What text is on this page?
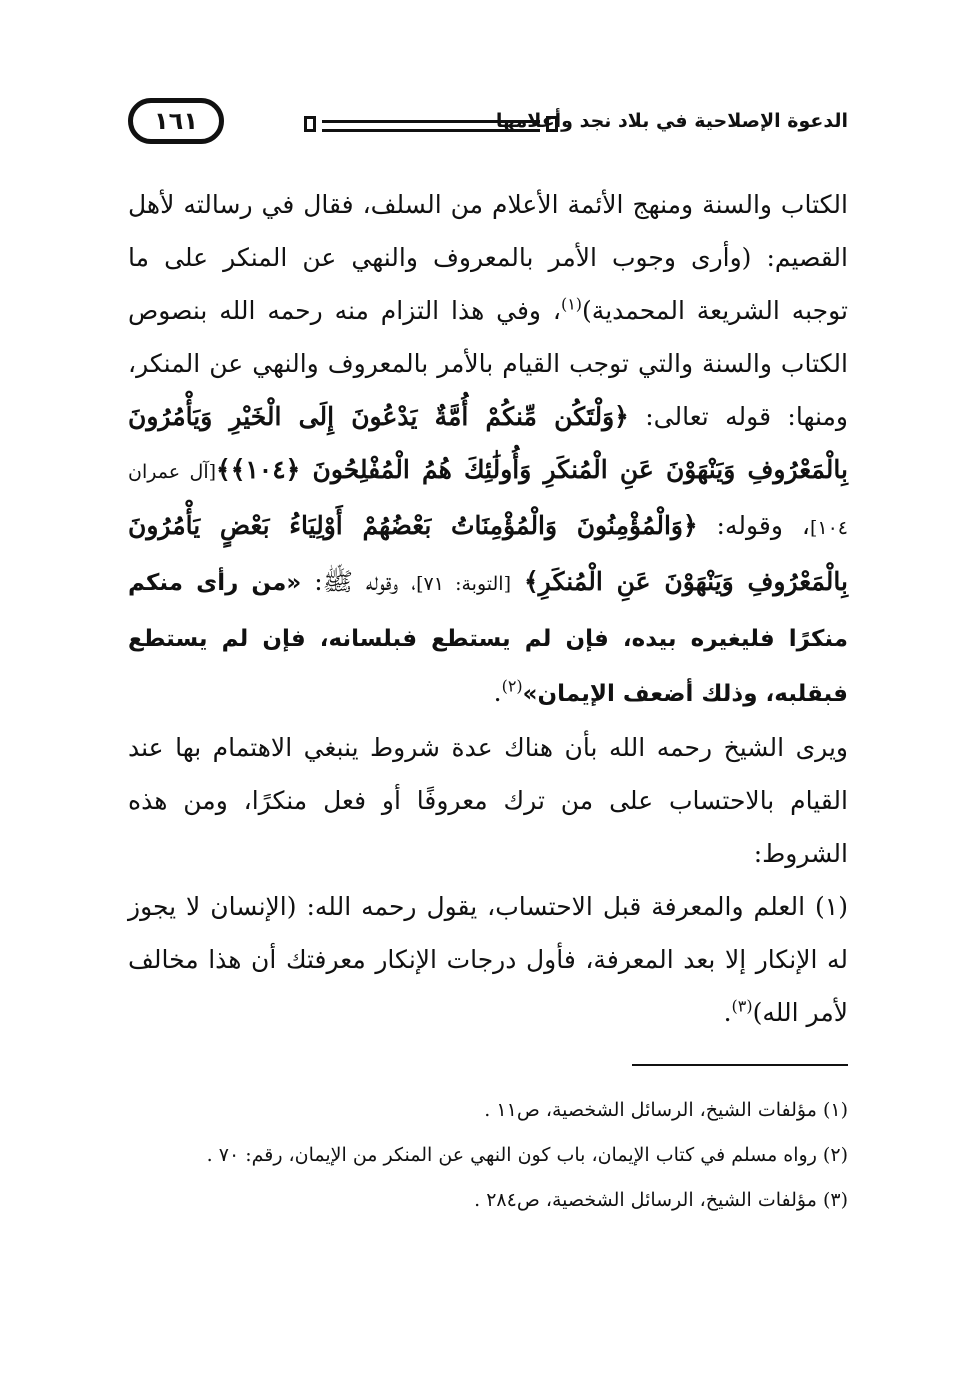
الدعوة الإصلاحية في بلاد نجد وأعلامها
١٦١

الكتاب والسنة ومنهج الأئمة الأعلام من السلف، فقال في رسالته لأهل القصيم: (وأرى وجوب الأمر بالمعروف والنهي عن المنكر على ما توجبه الشريعة المحمدية)$^{(١)}$، وفي هذا التزام منه رحمه الله بنصوص الكتاب والسنة والتي توجب القيام بالأمر بالمعروف والنهي عن المنكر، ومنها: قوله تعالى: ﴿وَلْتَكُن مِّنكُمْ أُمَّةٌ يَدْعُونَ إِلَى الْخَيْرِ وَيَأْمُرُونَ بِالْمَعْرُوفِ وَيَنْهَوْنَ عَنِ الْمُنكَرِ وَأُولَٰئِكَ هُمُ الْمُفْلِحُونَ ﴿١٠٤﴾﴾[آل عمران ١٠٤]، وقوله: ﴿وَالْمُؤْمِنُونَ وَالْمُؤْمِنَاتُ بَعْضُهُمْ أَوْلِيَاءُ بَعْضٍ يَأْمُرُونَ بِالْمَعْرُوفِ وَيَنْهَوْنَ عَنِ الْمُنكَرِ﴾ [التوبة: ٧١]، وقوله ﷺ: «من رأى منكم منكرًا فليغيره بيده، فإن لم يستطع فبلسانه، فإن لم يستطع فبقلبه، وذلك أضعف الإيمان»$^{(٢)}$.

ويرى الشيخ رحمه الله بأن هناك عدة شروط ينبغي الاهتمام بها عند القيام بالاحتساب على من ترك معروفًا أو فعل منكرًا، ومن هذه الشروط:

(١) العلم والمعرفة قبل الاحتساب، يقول رحمه الله: (الإنسان لا يجوز له الإنكار إلا بعد المعرفة، فأول درجات الإنكار معرفتك أن هذا مخالف لأمر الله)$^{(٣)}$.

(١) مؤلفات الشيخ، الرسائل الشخصية، ص١١ .
(٢) رواه مسلم في كتاب الإيمان، باب كون النهي عن المنكر من الإيمان، رقم: ٧٠ .
(٣) مؤلفات الشيخ، الرسائل الشخصية، ص٢٨٤ .
